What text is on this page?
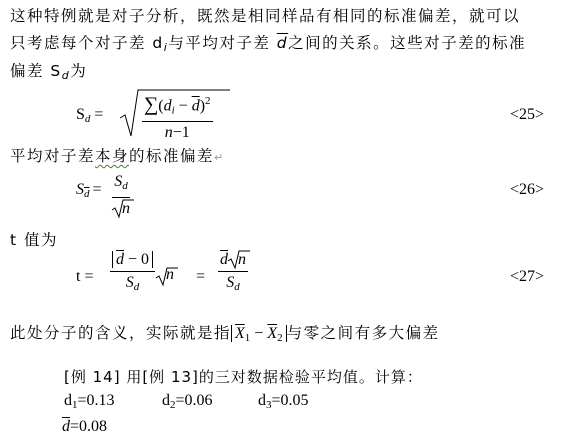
这种特例就是对子分析，既然是相同样品有相同的标准偏差，就可以
只考虑每个对子差 $d_i$与平均对子差 $\overline{d}$之间的关系。这些对子差的标准
偏差 $S_d$为
$S_d = \frac{\sum(d_i - \overline{d})^2}{n-1}$	<25>
平均对子差本身的标准偏差↵
$S_{\overline{d}} = \frac{S_d}{n}$	<26>
t 值为
$t = \frac{\overline{d} - 0}{S_d}$ $n = \frac{\overline{d} n}{S_d}$	<27>
此处分子的含义，实际就是指 $\overline{X}1 - \overline{X}2$ 与零之间有多大偏差
[例 14] 用[例 13]的三对数据检验平均值。计算：
d1=0.13	d2=0.06	d3=0.05
$\overline{d}=0.08$
